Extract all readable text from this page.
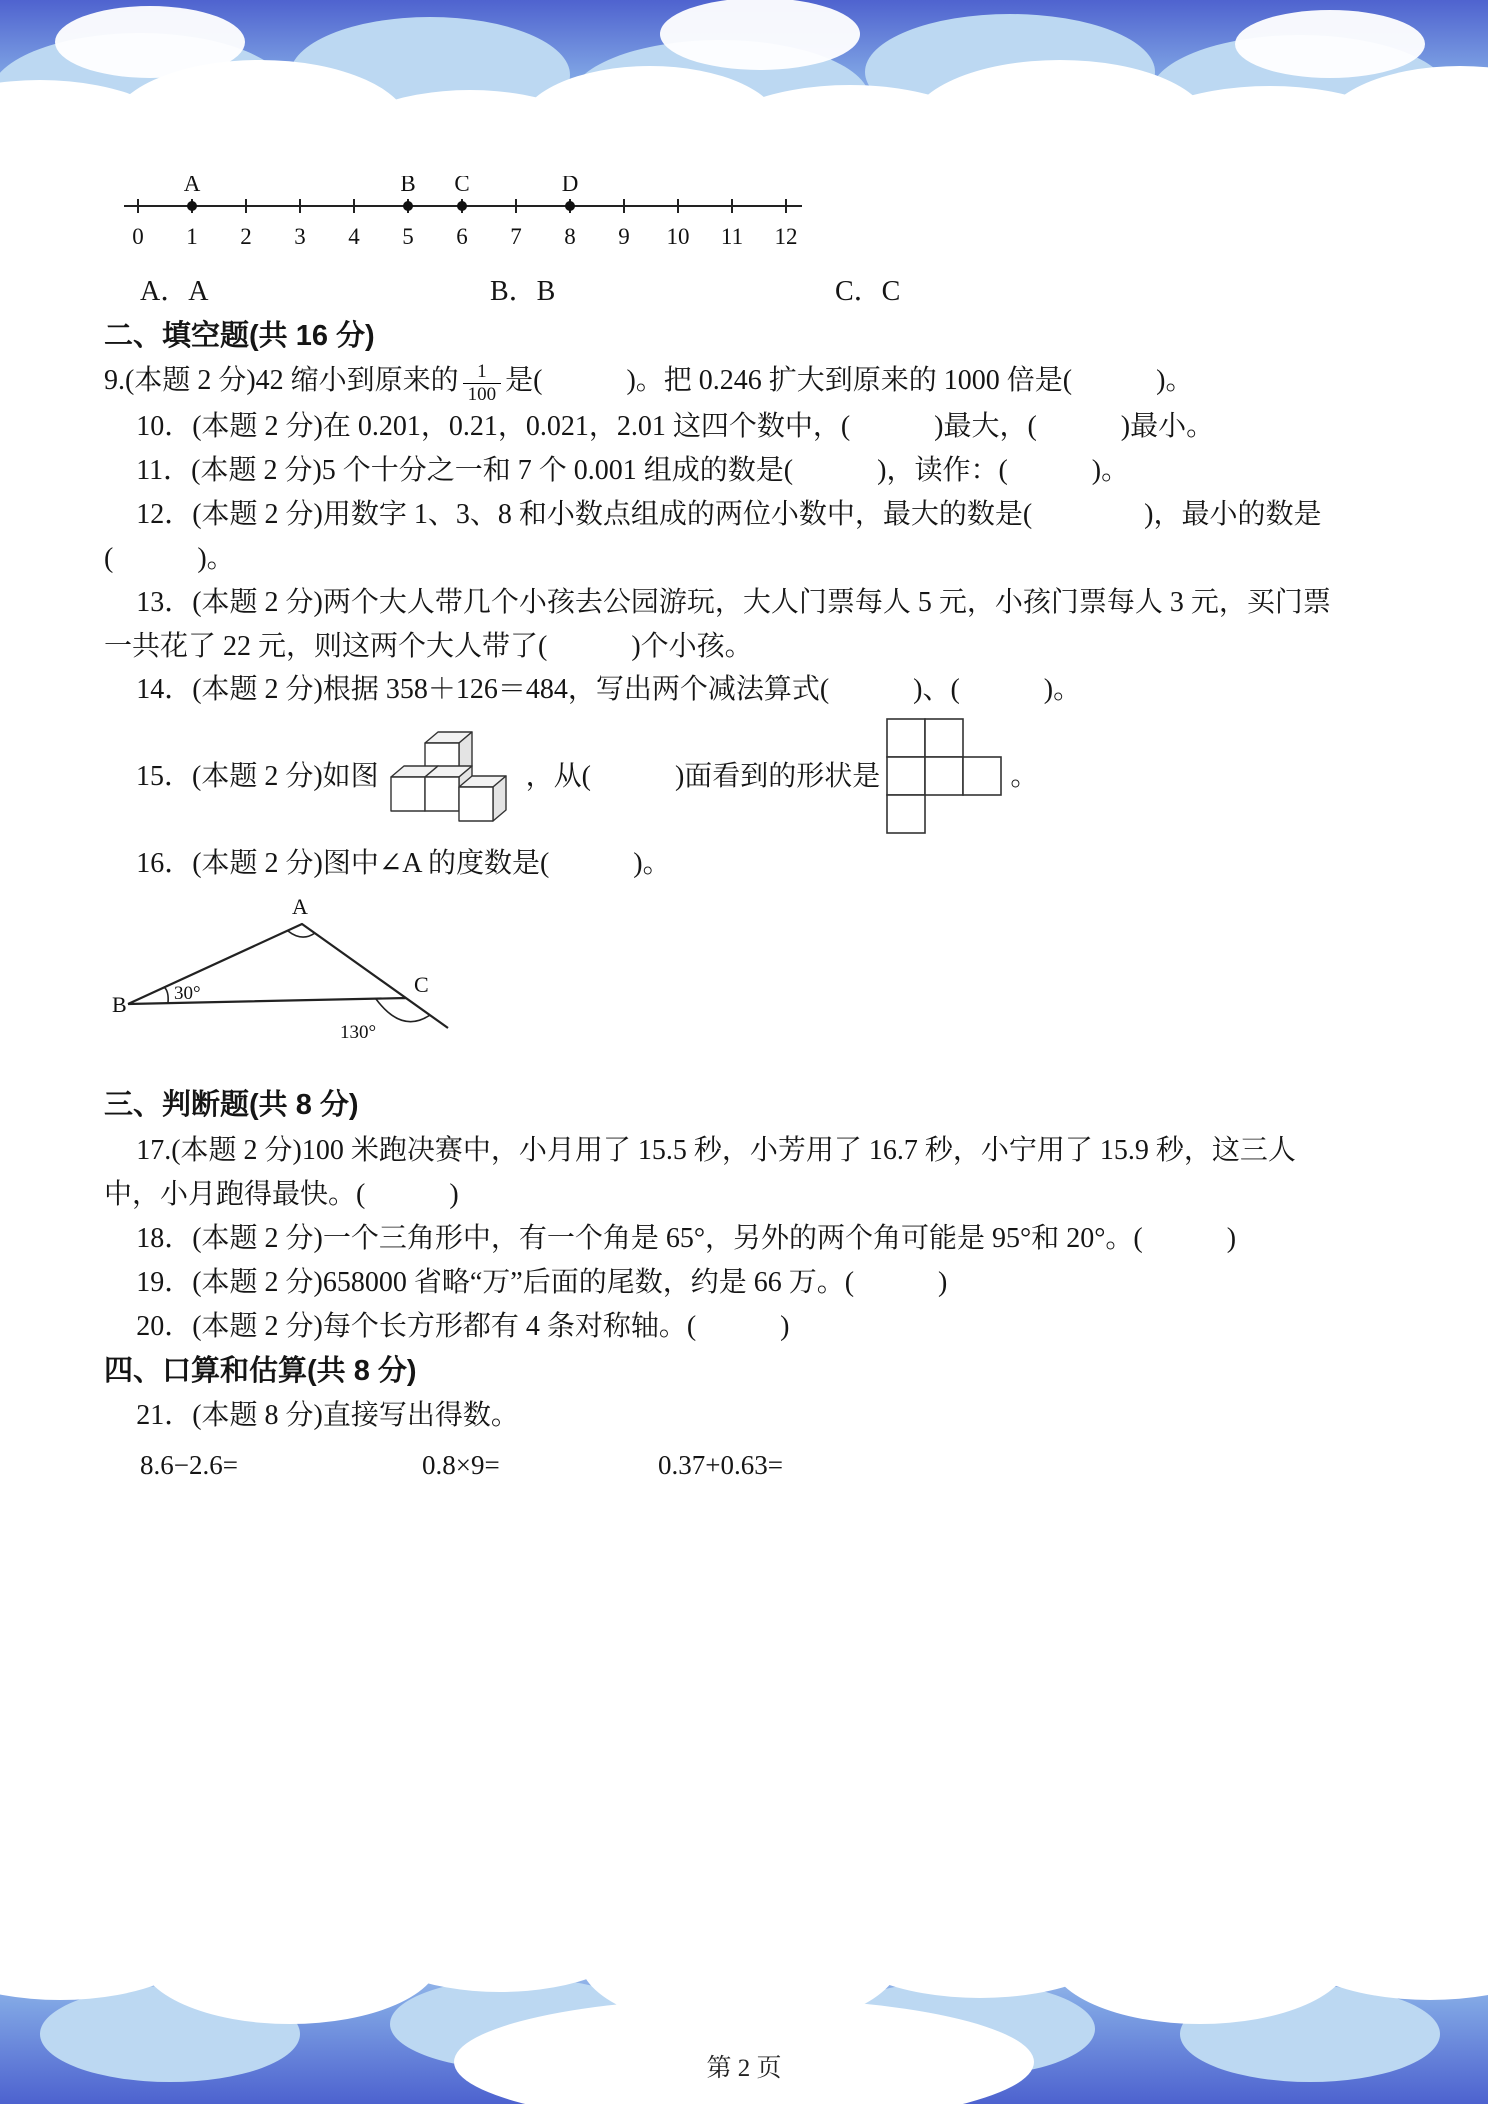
A	B C	D
0 1 2 3 4 5 6 7 8 9 10 11 12
A．A	B．B	C．C

二、填空题(共 16 分)

9.(本题 2 分)42 缩小到原来的 $\frac{1}{100}$ 是(　　　)。把 0.246 扩大到原来的 1000 倍是(　　　)。

10．(本题 2 分)在 0.201，0.21，0.021，2.01 这四个数中，(　　　)最大，(　　　)最小。

11．(本题 2 分)5 个十分之一和 7 个 0.001 组成的数是(　　　)，读作：(　　　)。

12．(本题 2 分)用数字 1、3、8 和小数点组成的两位小数中，最大的数是(　　　　)，最小的数是(　　　)。

13．(本题 2 分)两个大人带几个小孩去公园游玩，大人门票每人 5 元，小孩门票每人 3 元，买门票一共花了 22 元，则这两个大人带了(　　　)个小孩。

14．(本题 2 分)根据 358＋126＝484，写出两个减法算式(　　　)、(　　　)。

15．(本题 2 分)如图	，从(　　　)面看到的形状是	。

16．(本题 2 分)图中∠A 的度数是(　　　)。

A
B
C
30°
130°

三、判断题(共 8 分)

17.(本题 2 分)100 米跑决赛中，小月用了 15.5 秒，小芳用了 16.7 秒，小宁用了 15.9 秒，这三人中，小月跑得最快。(　　　)

18．(本题 2 分)一个三角形中，有一个角是 65°，另外的两个角可能是 95°和 20°。(　　　)

19．(本题 2 分)658000 省略“万”后面的尾数，约是 66 万。(　　　)

20．(本题 2 分)每个长方形都有 4 条对称轴。(　　　)

四、口算和估算(共 8 分)

21．(本题 8 分)直接写出得数。

8.6−2.6=	0.8×9=	0.37+0.63=
第 2 页
